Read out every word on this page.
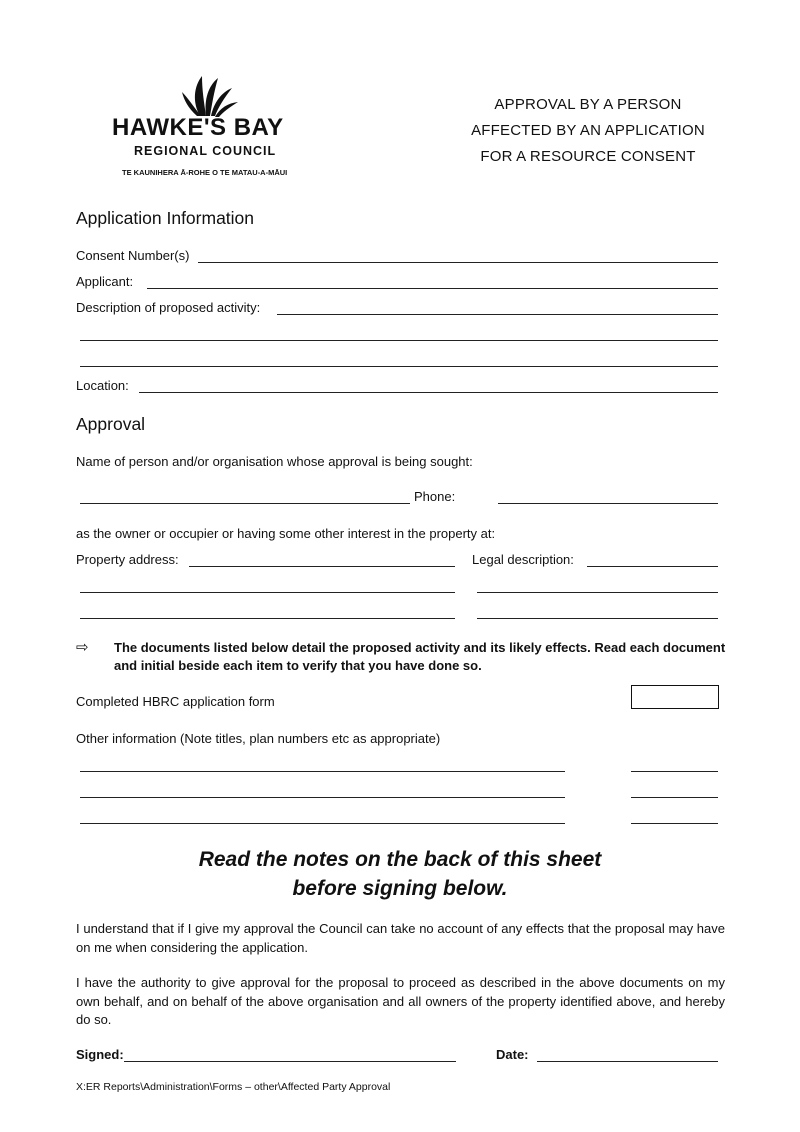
HAWKE'S BAY
REGIONAL COUNCIL
TE KAUNIHERA Ā-ROHE O TE MATAU-A-MĀUI
APPROVAL BY A PERSON
AFFECTED BY AN APPLICATION
FOR A RESOURCE CONSENT
Application Information
Consent Number(s)
Applicant:
Description of proposed activity:
Location:
Approval
Name of person and/or organisation whose approval is being sought:
Phone:
as the owner or occupier or having some other interest in the property at:
Property address:	Legal description:
⇨ The documents listed below detail the proposed activity and its likely effects. Read each document
and initial beside each item to verify that you have done so.
Completed HBRC application form
Other information (Note titles, plan numbers etc as appropriate)
Read the notes on the back of this sheet
before signing below.
I understand that if I give my approval the Council can take no account of any effects that the proposal may have on me when considering the application.
I have the authority to give approval for the proposal to proceed as described in the above documents on my own behalf, and on behalf of the above organisation and all owners of the property identified above, and hereby do so.
Signed:	Date:
X:ER Reports\Administration\Forms – other\Affected Party Approval
